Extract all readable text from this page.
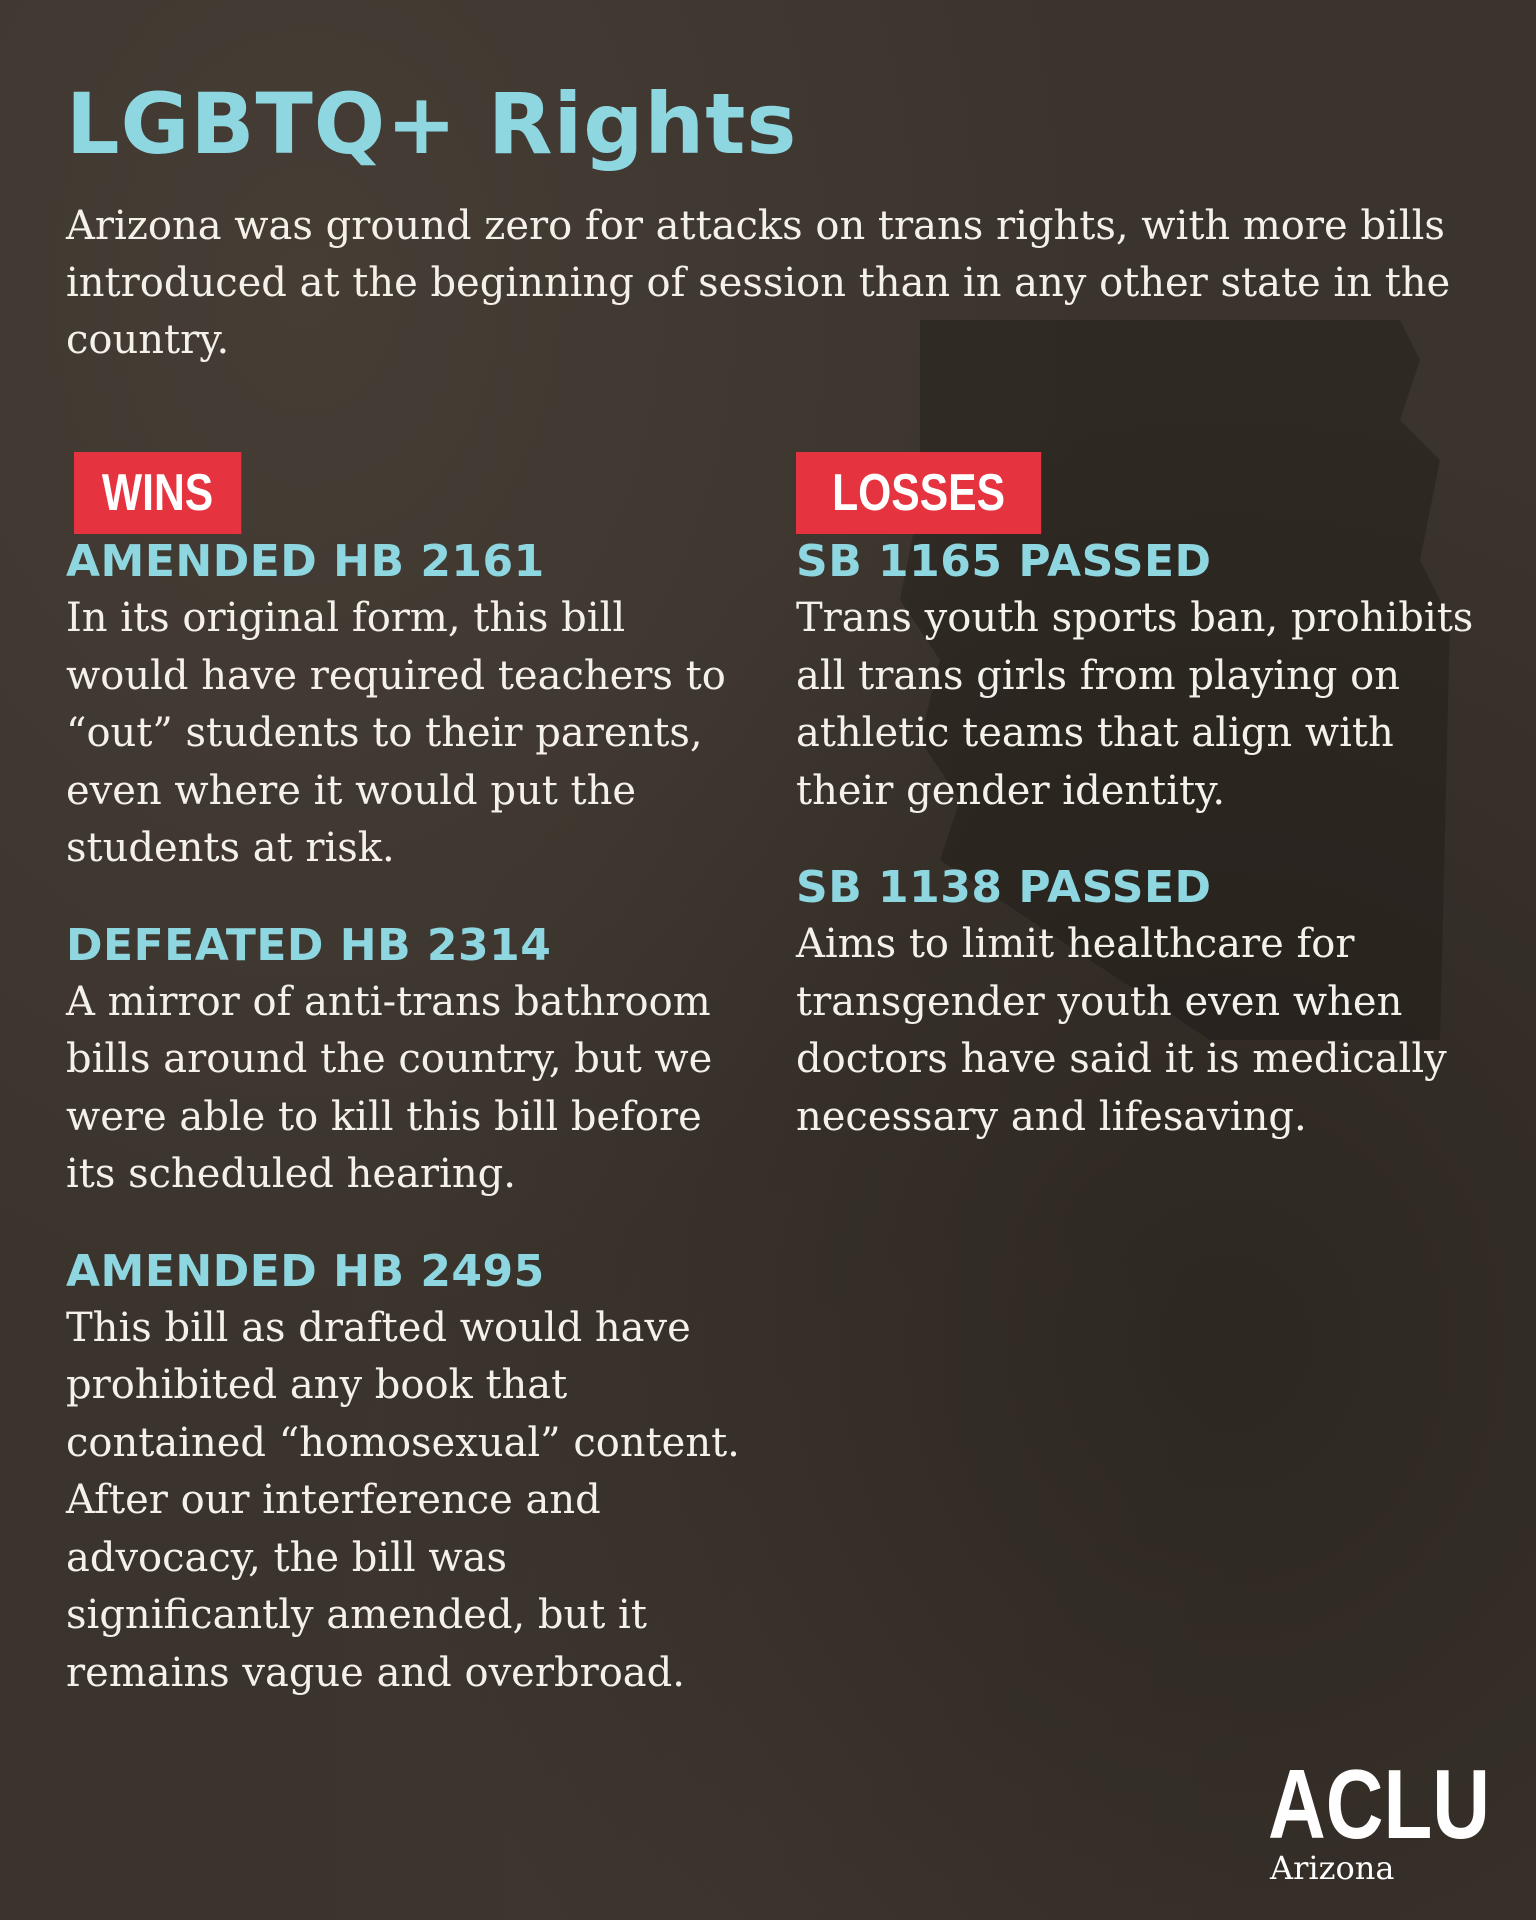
LGBTQ+ Rights

Arizona was ground zero for attacks on trans rights, with more bills introduced at the beginning of session than in any other state in the country.

WINS
AMENDED HB 2161

In its original form, this bill would have required teachers to “out” students to their parents, even where it would put the students at risk.

DEFEATED HB 2314

A mirror of anti-trans bathroom bills around the country, but we were able to kill this bill before its scheduled hearing.

AMENDED HB 2495

This bill as drafted would have prohibited any book that contained “homosexual” content. After our interference and advocacy, the bill was significantly amended, but it remains vague and overbroad.

LOSSES
SB 1165 PASSED

Trans youth sports ban, prohibits all trans girls from playing on athletic teams that align with their gender identity.

SB 1138 PASSED

Aims to limit healthcare for transgender youth even when doctors have said it is medically necessary and lifesaving.

ACLU
Arizona
